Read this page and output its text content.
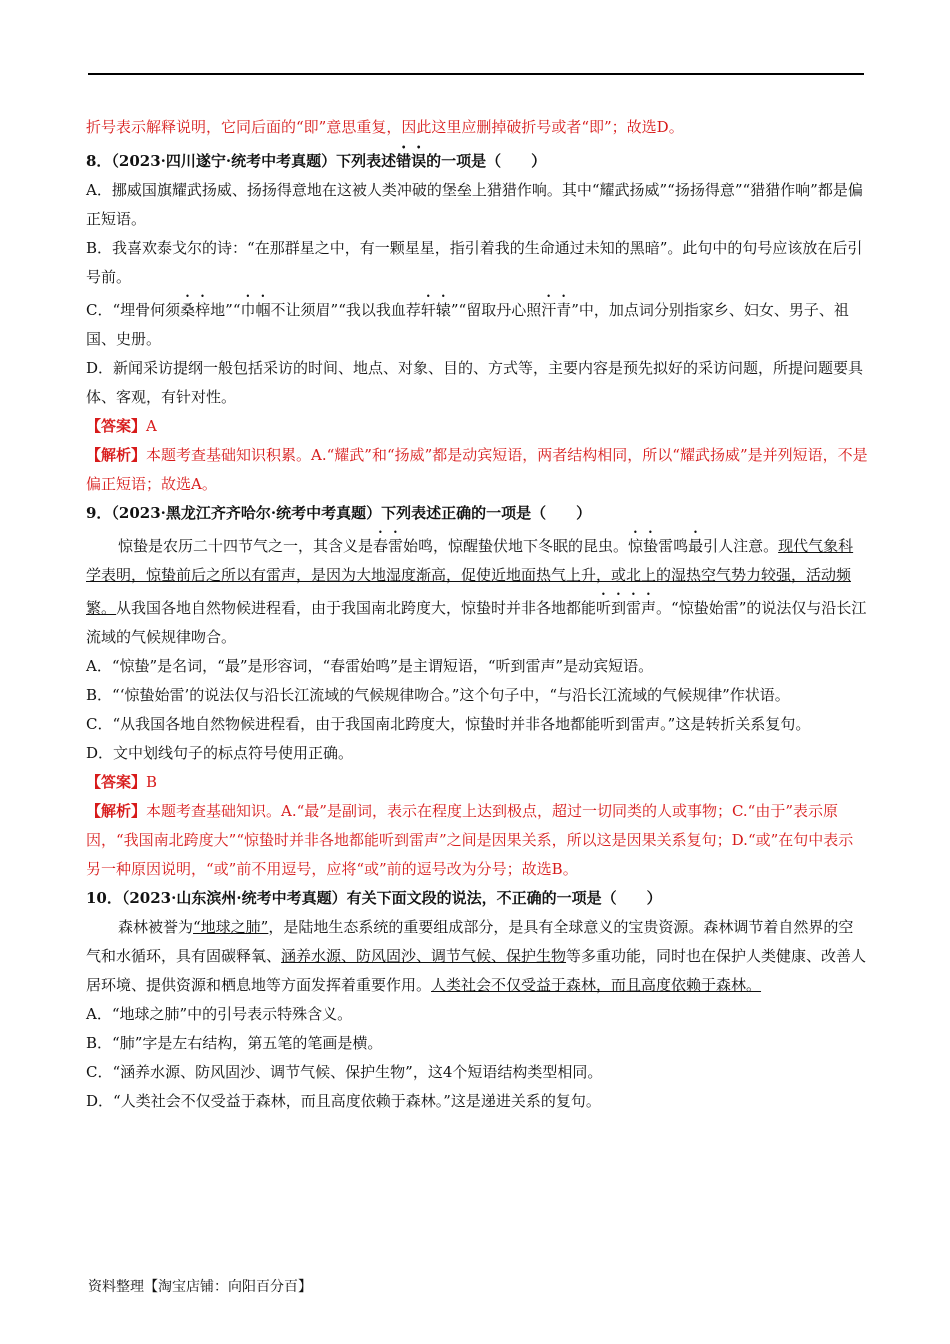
折号表示解释说明，它同后面的“即”意思重复，因此这里应删掉破折号或者“即”；故选D。

8．（2023·四川遂宁·统考中考真题）下列表述错误的一项是（　　）

A．挪威国旗耀武扬威、扬扬得意地在这被人类冲破的堡垒上猎猎作响。其中“耀武扬威”“扬扬得意”“猎猎作响”都是偏正短语。

B．我喜欢泰戈尔的诗：“在那群星之中，有一颗星星，指引着我的生命通过未知的黑暗”。此句中的句号应该放在后引号前。

C．“埋骨何须桑梓地”“巾帼不让须眉”“我以我血荐轩辕”“留取丹心照汗青”中，加点词分别指家乡、妇女、男子、祖国、史册。

D．新闻采访提纲一般包括采访的时间、地点、对象、目的、方式等，主要内容是预先拟好的采访问题，所提问题要具体、客观，有针对性。

【答案】A

【解析】本题考查基础知识积累。A.“耀武”和“扬威”都是动宾短语，两者结构相同，所以“耀武扬威”是并列短语，不是偏正短语；故选A。

9．（2023·黑龙江齐齐哈尔·统考中考真题）下列表述正确的一项是（　　）

惊蛰是农历二十四节气之一，其含义是春雷始鸣，惊醒蛰伏地下冬眠的昆虫。惊蛰雷鸣最引人注意。现代气象科学表明，惊蛰前后之所以有雷声，是因为大地湿度渐高，促使近地面热气上升，或北上的湿热空气势力较强，活动频繁。从我国各地自然物候进程看，由于我国南北跨度大，惊蛰时并非各地都能听到雷声。“惊蛰始雷”的说法仅与沿长江流域的气候规律吻合。

A．“惊蛰”是名词，“最”是形容词，“春雷始鸣”是主谓短语，“听到雷声”是动宾短语。

B．“‘惊蛰始雷’的说法仅与沿长江流域的气候规律吻合。”这个句子中，“与沿长江流域的气候规律”作状语。

C．“从我国各地自然物候进程看，由于我国南北跨度大，惊蛰时并非各地都能听到雷声。”这是转折关系复句。

D．文中划线句子的标点符号使用正确。

【答案】B

【解析】本题考查基础知识。A.“最”是副词，表示在程度上达到极点，超过一切同类的人或事物；C.“由于”表示原因，“我国南北跨度大”“惊蛰时并非各地都能听到雷声”之间是因果关系，所以这是因果关系复句；D.“或”在句中表示另一种原因说明，“或”前不用逗号，应将“或”前的逗号改为分号；故选B。

10．（2023·山东滨州·统考中考真题）有关下面文段的说法，不正确的一项是（　　）

森林被誉为“地球之肺”，是陆地生态系统的重要组成部分，是具有全球意义的宝贵资源。森林调节着自然界的空气和水循环，具有固碳释氧、涵养水源、防风固沙、调节气候、保护生物等多重功能，同时也在保护人类健康、改善人居环境、提供资源和栖息地等方面发挥着重要作用。人类社会不仅受益于森林，而且高度依赖于森林。

A．“地球之肺”中的引号表示特殊含义。

B．“肺”字是左右结构，第五笔的笔画是横。

C．“涵养水源、防风固沙、调节气候、保护生物”，这4个短语结构类型相同。

D．“人类社会不仅受益于森林，而且高度依赖于森林。”这是递进关系的复句。

资料整理【淘宝店铺：向阳百分百】
